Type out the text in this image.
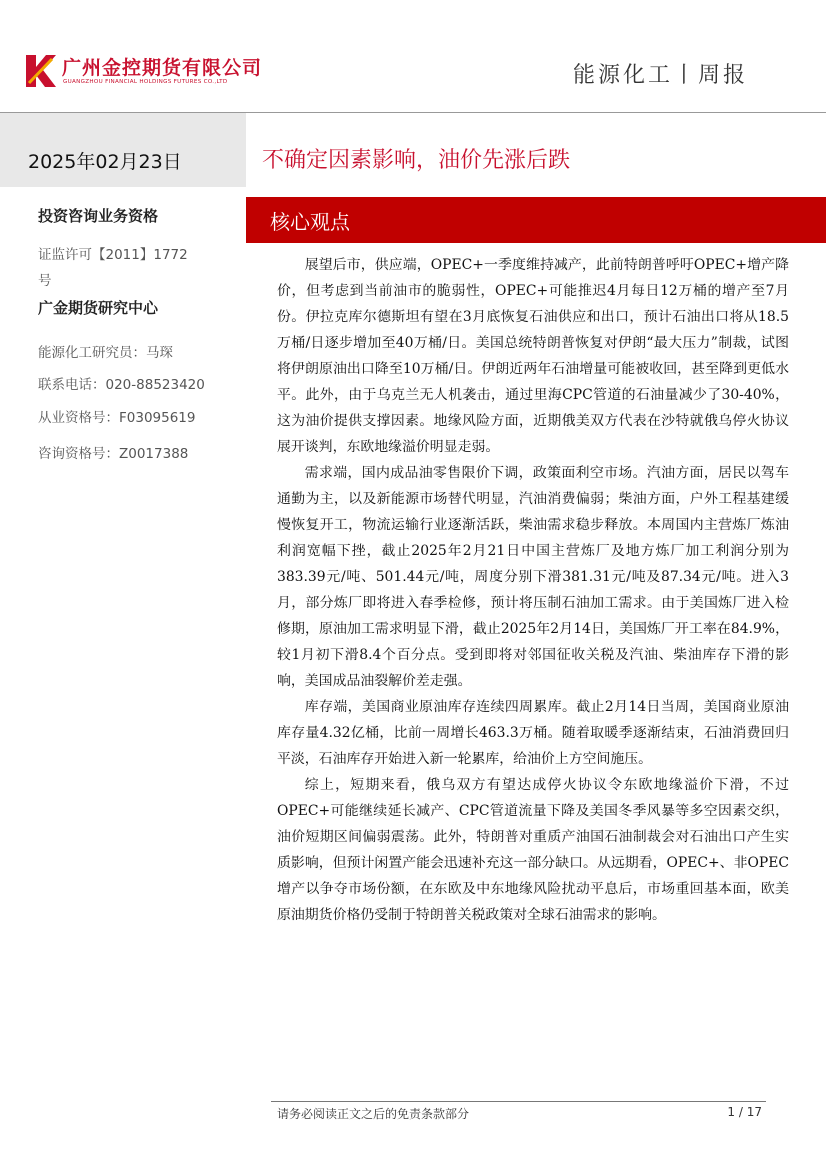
广州金控期货有限公司
GUANGZHOU FINANCIAL HOLDINGS FUTURES CO.,LTD	能源化工丨周报
2025年02月23日	不确定因素影响，油价先涨后跌
投资咨询业务资格
证监许可【2011】1772
号
广金期货研究中心
能源化工研究员：马琛
联系电话：020-88523420
从业资格号：F03095619
咨询资格号：Z0017388
核心观点

展望后市，供应端，OPEC+一季度维持减产，此前特朗普呼吁OPEC+增产降价，但考虑到当前油市的脆弱性，OPEC+可能推迟4月每日12万桶的增产至7月份。伊拉克库尔德斯坦有望在3月底恢复石油供应和出口，预计石油出口将从18.5万桶/日逐步增加至40万桶/日。美国总统特朗普恢复对伊朗“最大压力”制裁，试图将伊朗原油出口降至10万桶/日。伊朗近两年石油增量可能被收回，甚至降到更低水平。此外，由于乌克兰无人机袭击，通过里海CPC管道的石油量减少了30-40%，这为油价提供支撑因素。地缘风险方面，近期俄美双方代表在沙特就俄乌停火协议展开谈判，东欧地缘溢价明显走弱。

需求端，国内成品油零售限价下调，政策面利空市场。汽油方面，居民以驾车通勤为主，以及新能源市场替代明显，汽油消费偏弱；柴油方面，户外工程基建缓慢恢复开工，物流运输行业逐渐活跃，柴油需求稳步释放。本周国内主营炼厂炼油利润宽幅下挫，截止2025年2月21日中国主营炼厂及地方炼厂加工利润分别为383.39元/吨、501.44元/吨，周度分别下滑381.31元/吨及87.34元/吨。进入3月，部分炼厂即将进入春季检修，预计将压制石油加工需求。由于美国炼厂进入检修期，原油加工需求明显下滑，截止2025年2月14日，美国炼厂开工率在84.9%，较1月初下滑8.4个百分点。受到即将对邻国征收关税及汽油、柴油库存下滑的影响，美国成品油裂解价差走强。

库存端，美国商业原油库存连续四周累库。截止2月14日当周，美国商业原油库存量4.32亿桶，比前一周增长463.3万桶。随着取暖季逐渐结束，石油消费回归平淡，石油库存开始进入新一轮累库，给油价上方空间施压。

综上，短期来看，俄乌双方有望达成停火协议令东欧地缘溢价下滑，不过OPEC+可能继续延长减产、CPC管道流量下降及美国冬季风暴等多空因素交织，油价短期区间偏弱震荡。此外，特朗普对重质产油国石油制裁会对石油出口产生实质影响，但预计闲置产能会迅速补充这一部分缺口。从远期看，OPEC+、非OPEC增产以争夺市场份额，在东欧及中东地缘风险扰动平息后，市场重回基本面，欧美原油期货价格仍受制于特朗普关税政策对全球石油需求的影响。

请务必阅读正文之后的免责条款部分	1 / 17
